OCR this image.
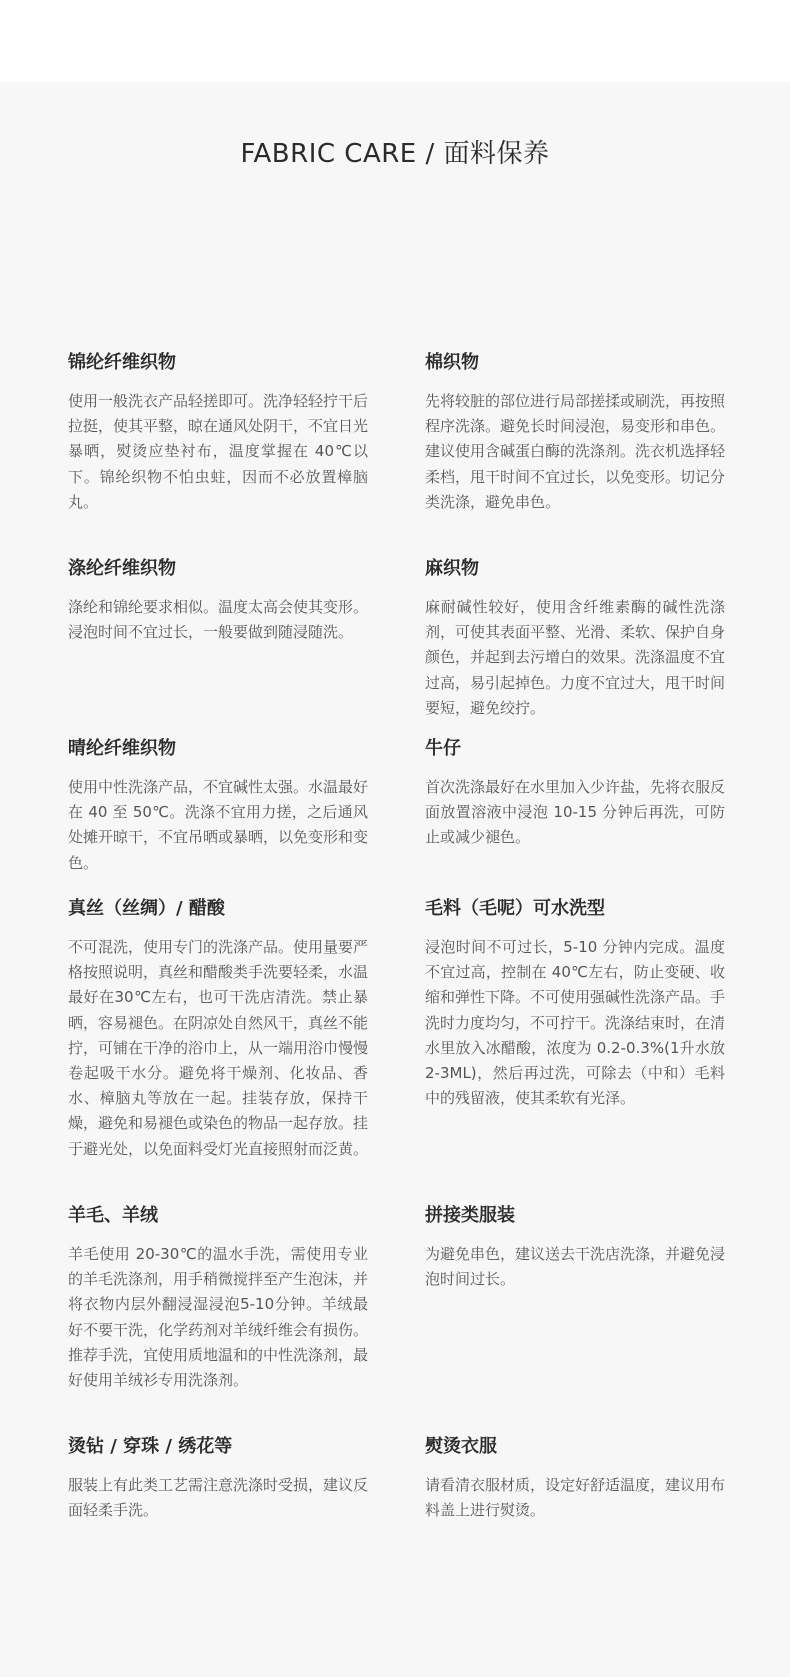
FABRIC CARE / 面料保养
锦纶纤维织物

使用一般洗衣产品轻搓即可。洗净轻轻拧干后拉挺，使其平整，晾在通风处阴干，不宜日光暴晒，熨烫应垫衬布，温度掌握在 40℃以下。锦纶织物不怕虫蛀，因而不必放置樟脑丸。

棉织物

先将较脏的部位进行局部搓揉或刷洗，再按照程序洗涤。避免长时间浸泡，易变形和串色。建议使用含碱蛋白酶的洗涤剂。洗衣机选择轻柔档，甩干时间不宜过长，以免变形。切记分类洗涤，避免串色。

涤纶纤维织物

涤纶和锦纶要求相似。温度太高会使其变形。浸泡时间不宜过长，一般要做到随浸随洗。

麻织物

麻耐碱性较好，使用含纤维素酶的碱性洗涤剂，可使其表面平整、光滑、柔软、保护自身颜色，并起到去污增白的效果。洗涤温度不宜过高，易引起掉色。力度不宜过大，甩干时间要短，避免绞拧。

晴纶纤维织物

使用中性洗涤产品，不宜碱性太强。水温最好在 40 至 50℃。洗涤不宜用力搓，之后通风处摊开晾干，不宜吊晒或暴晒，以免变形和变色。

牛仔

首次洗涤最好在水里加入少许盐，先将衣服反面放置溶液中浸泡 10-15 分钟后再洗，可防止或减少褪色。

真丝（丝绸）/ 醋酸

不可混洗，使用专门的洗涤产品。使用量要严格按照说明，真丝和醋酸类手洗要轻柔，水温最好在30℃左右，也可干洗店清洗。禁止暴晒，容易褪色。在阴凉处自然风干，真丝不能拧，可铺在干净的浴巾上，从一端用浴巾慢慢卷起吸干水分。避免将干燥剂、化妆品、香水、樟脑丸等放在一起。挂装存放，保持干燥，避免和易褪色或染色的物品一起存放。挂于避光处，以免面料受灯光直接照射而泛黄。

毛料（毛呢）可水洗型

浸泡时间不可过长，5-10 分钟内完成。温度不宜过高，控制在 40℃左右，防止变硬、收缩和弹性下降。不可使用强碱性洗涤产品。手洗时力度均匀，不可拧干。洗涤结束时，在清水里放入冰醋酸，浓度为 0.2-0.3%(1升水放 2-3ML)，然后再过洗，可除去（中和）毛料中的残留液，使其柔软有光泽。

羊毛、羊绒

羊毛使用 20-30℃的温水手洗，需使用专业的羊毛洗涤剂，用手稍微搅拌至产生泡沫，并将衣物内层外翻浸湿浸泡5-10分钟。羊绒最好不要干洗，化学药剂对羊绒纤维会有损伤。推荐手洗，宜使用质地温和的中性洗涤剂，最好使用羊绒衫专用洗涤剂。

拼接类服装

为避免串色，建议送去干洗店洗涤，并避免浸泡时间过长。

烫钻 / 穿珠 / 绣花等

服装上有此类工艺需注意洗涤时受损，建议反面轻柔手洗。

熨烫衣服

请看清衣服材质，设定好舒适温度，建议用布料盖上进行熨烫。
